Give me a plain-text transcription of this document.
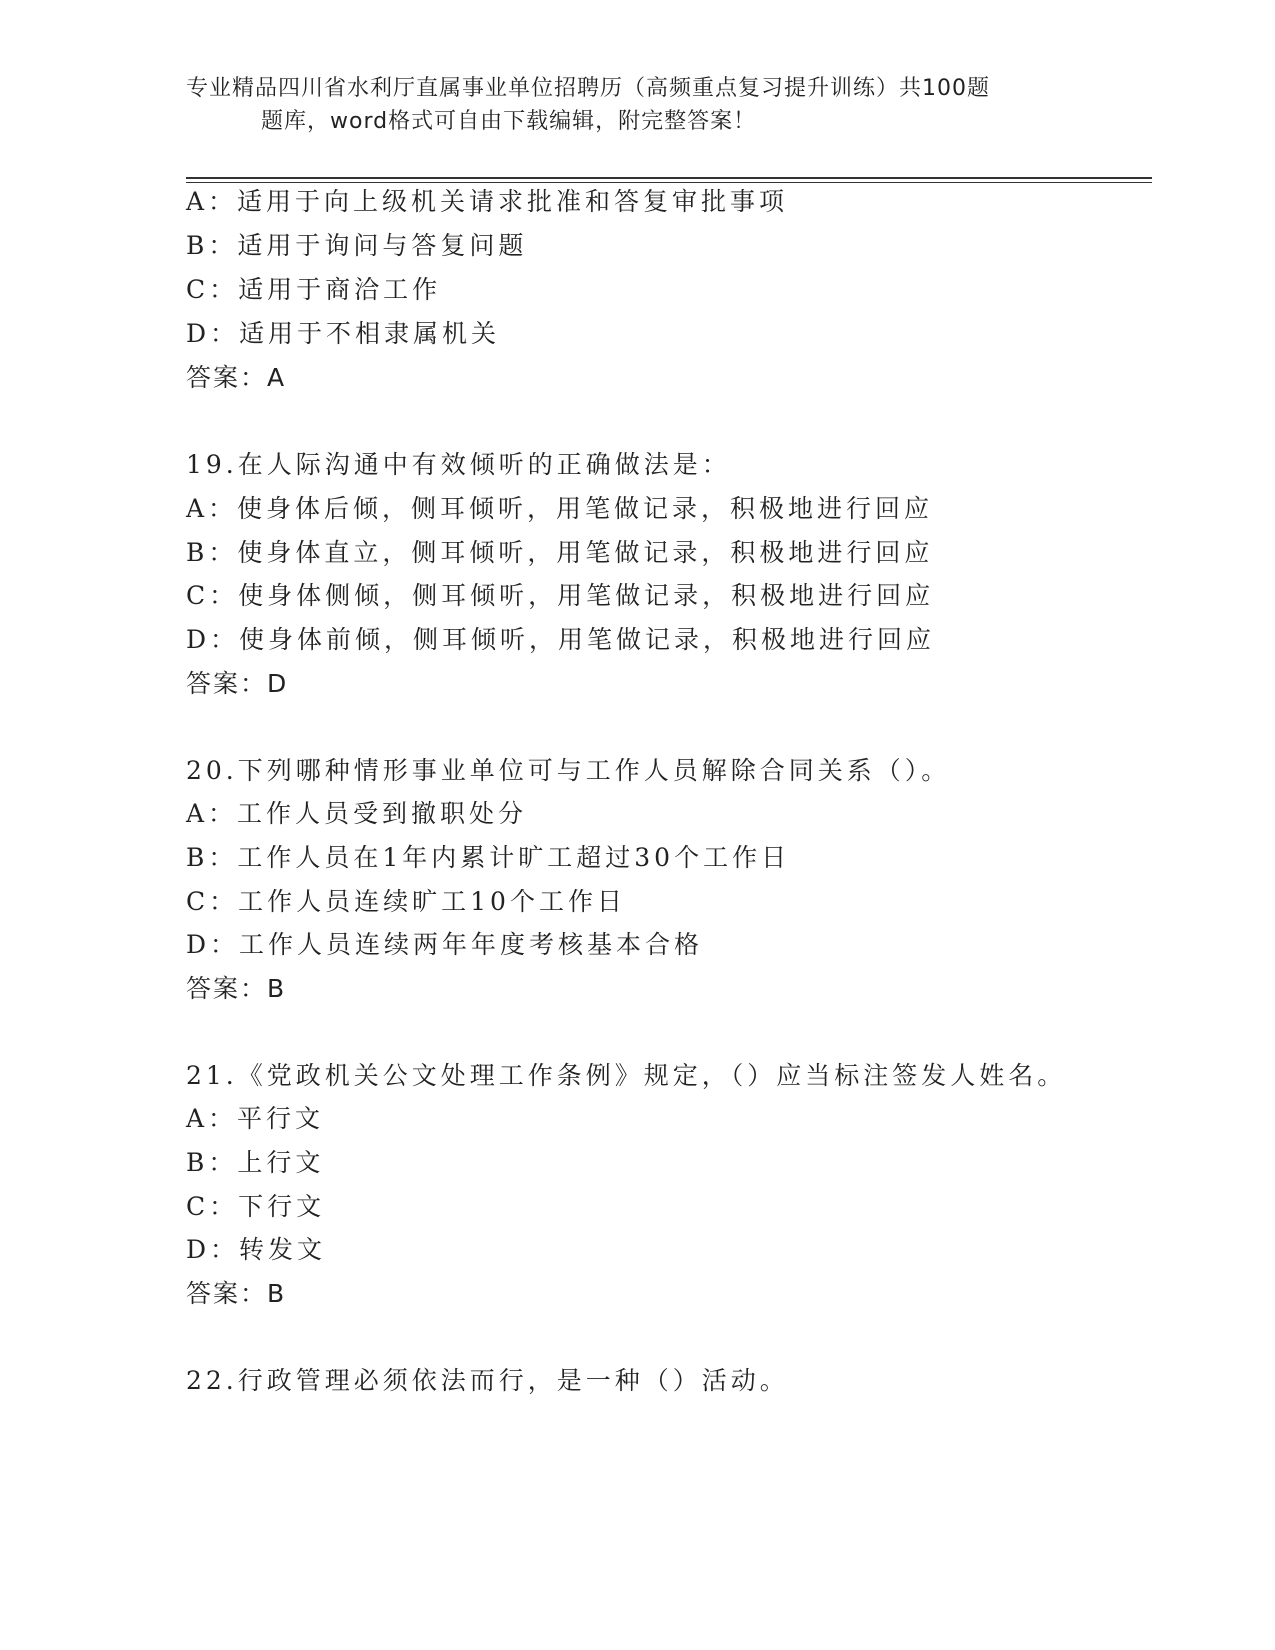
专业精品四川省水利厅直属事业单位招聘历（高频重点复习提升训练）共100题
题库，word格式可自由下载编辑，附完整答案！
A：适用于向上级机关请求批准和答复审批事项
B：适用于询问与答复问题
C：适用于商洽工作
D：适用于不相隶属机关
答案：A
19.在人际沟通中有效倾听的正确做法是：
A：使身体后倾，侧耳倾听，用笔做记录，积极地进行回应
B：使身体直立，侧耳倾听，用笔做记录，积极地进行回应
C：使身体侧倾，侧耳倾听，用笔做记录，积极地进行回应
D：使身体前倾，侧耳倾听，用笔做记录，积极地进行回应
答案：D
20.下列哪种情形事业单位可与工作人员解除合同关系（）。
A：工作人员受到撤职处分
B：工作人员在1年内累计旷工超过30个工作日
C：工作人员连续旷工10个工作日
D：工作人员连续两年年度考核基本合格
答案：B
21.《党政机关公文处理工作条例》规定，（）应当标注签发人姓名。
A：平行文
B：上行文
C：下行文
D：转发文
答案：B
22.行政管理必须依法而行，是一种（）活动。
